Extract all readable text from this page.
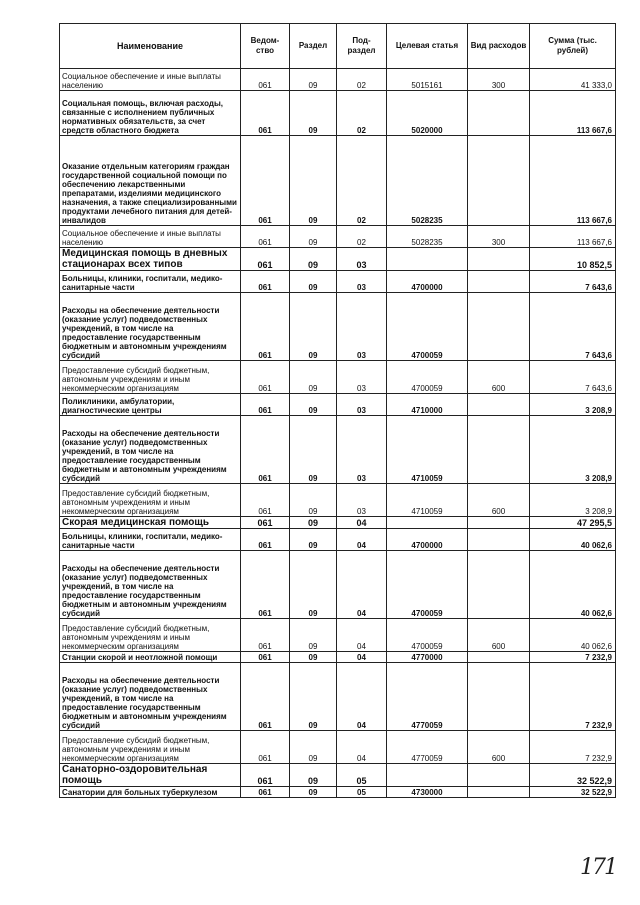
Наименование	Ведом-ство	Раздел	Под-раздел	Целевая статья	Вид расходов	Сумма (тыс. рублей)
Социальное обеспечение и иные выплаты населению	061	09	02	5015161	300	41 333,0
Социальная помощь, включая расходы, связанные с исполнением публичных нормативных обязательств, за счет средств областного бюджета	061	09	02	5020000		113 667,6
Оказание отдельным категориям граждан государственной социальной помощи по обеспечению лекарственными препаратами, изделиями медицинского назначения, а также специализированными продуктами лечебного питания для детей-инвалидов	061	09	02	5028235		113 667,6
Социальное обеспечение и иные выплаты населению	061	09	02	5028235	300	113 667,6
Медицинская помощь в дневных стационарах всех типов	061	09	03			10 852,5
Больницы, клиники, госпитали, медико-санитарные части	061	09	03	4700000		7 643,6
Расходы на обеспечение деятельности (оказание услуг) подведомственных учреждений, в том числе на предоставление государственным бюджетным и автономным учреждениям субсидий	061	09	03	4700059		7 643,6
Предоставление субсидий бюджетным, автономным учреждениям и иным некоммерческим организациям	061	09	03	4700059	600	7 643,6
Поликлиники, амбулатории, диагностические центры	061	09	03	4710000		3 208,9
Расходы на обеспечение деятельности (оказание услуг) подведомственных учреждений, в том числе на предоставление государственным бюджетным и автономным учреждениям субсидий	061	09	03	4710059		3 208,9
Предоставление субсидий бюджетным, автономным учреждениям и иным некоммерческим организациям	061	09	03	4710059	600	3 208,9
Скорая медицинская помощь	061	09	04			47 295,5
Больницы, клиники, госпитали, медико-санитарные части	061	09	04	4700000		40 062,6
Расходы на обеспечение деятельности (оказание услуг) подведомственных учреждений, в том числе на предоставление государственным бюджетным и автономным учреждениям субсидий	061	09	04	4700059		40 062,6
Предоставление субсидий бюджетным, автономным учреждениям и иным некоммерческим организациям	061	09	04	4700059	600	40 062,6
Станции скорой и неотложной помощи	061	09	04	4770000		7 232,9
Расходы на обеспечение деятельности (оказание услуг) подведомственных учреждений, в том числе на предоставление государственным бюджетным и автономным учреждениям субсидий	061	09	04	4770059		7 232,9
Предоставление субсидий бюджетным, автономным учреждениям и иным некоммерческим организациям	061	09	04	4770059	600	7 232,9
Санаторно-оздоровительная помощь	061	09	05			32 522,9
Санатории для больных туберкулезом	061	09	05	4730000		32 522,9
171
